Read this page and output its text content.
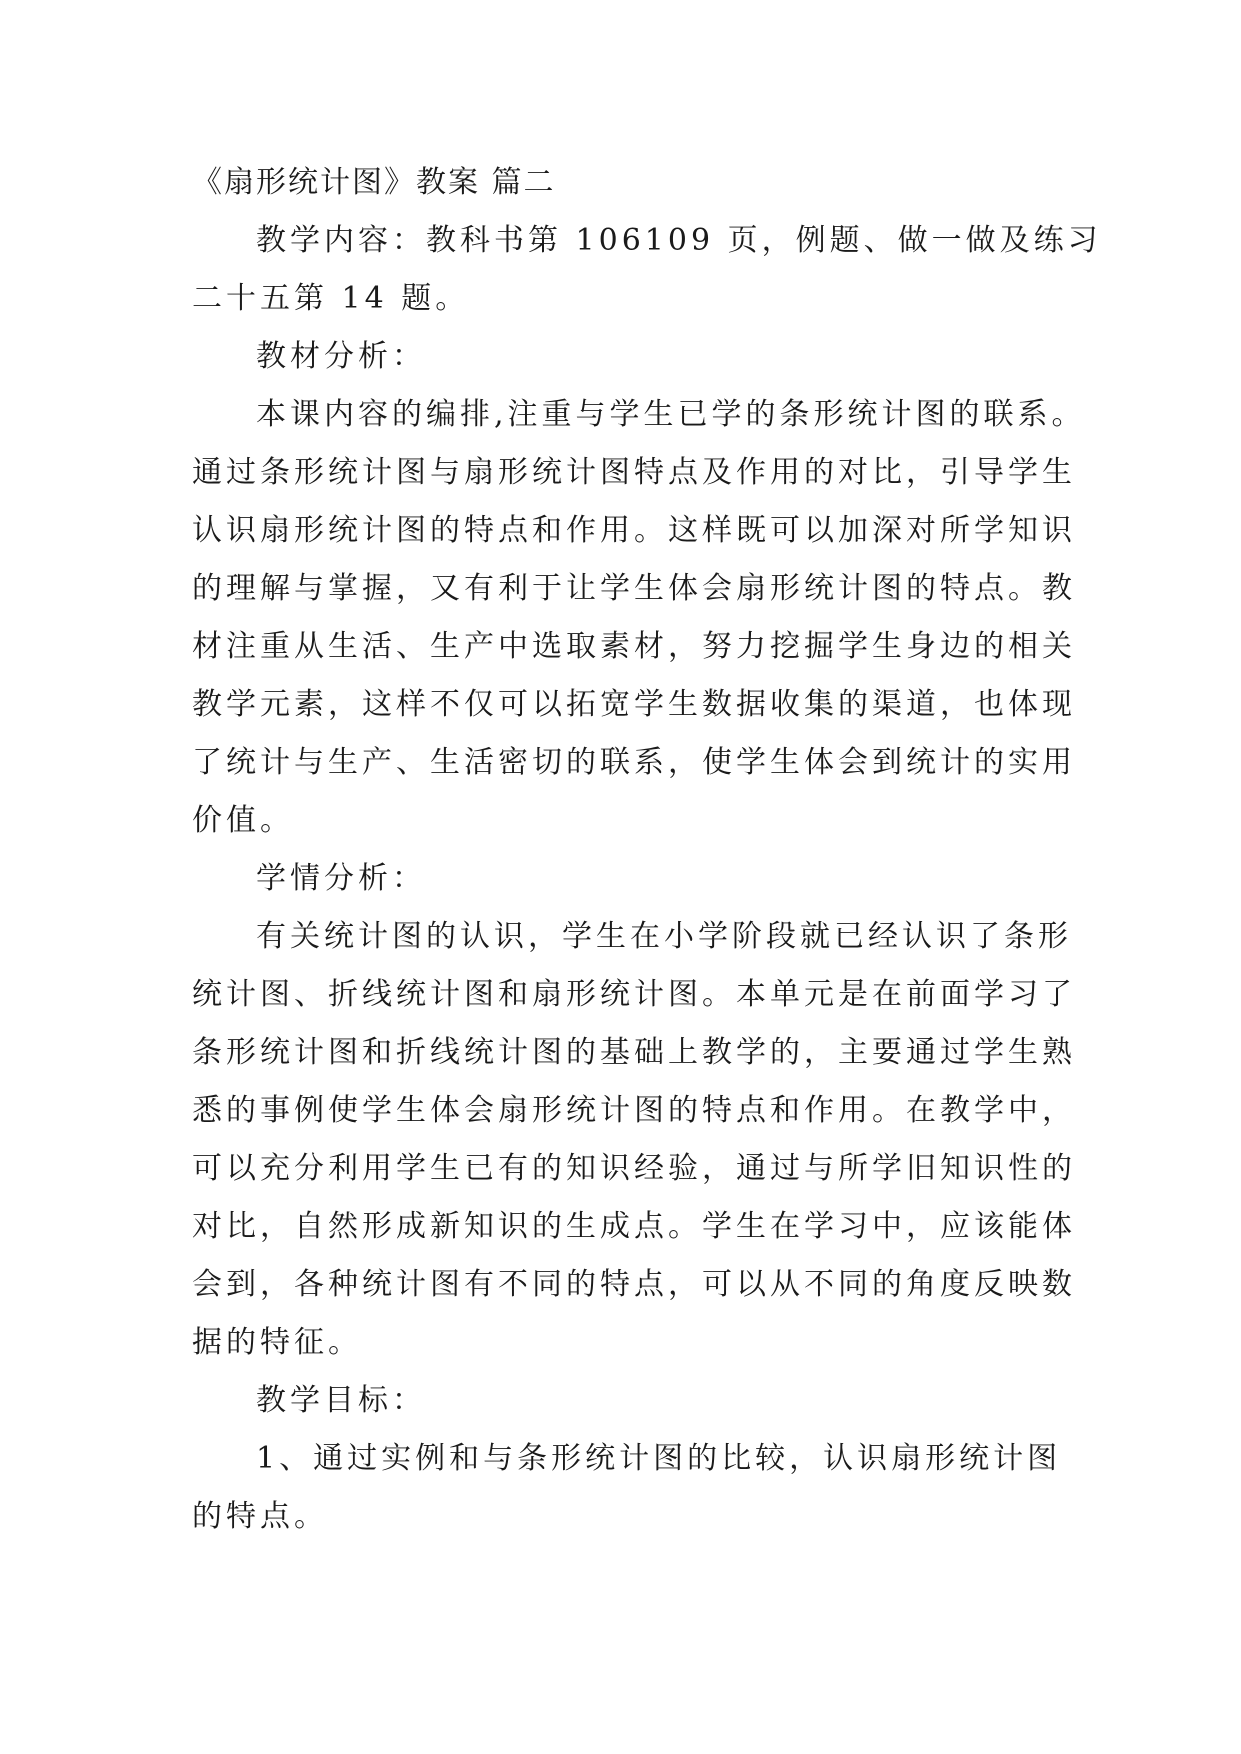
《扇形统计图》教案 篇二
教学内容：教科书第 106109 页，例题、做一做及练习
二十五第 14 题。
教材分析：
本课内容的编排,注重与学生已学的条形统计图的联系。
通过条形统计图与扇形统计图特点及作用的对比，引导学生
认识扇形统计图的特点和作用。这样既可以加深对所学知识
的理解与掌握，又有利于让学生体会扇形统计图的特点。教
材注重从生活、生产中选取素材，努力挖掘学生身边的相关
教学元素，这样不仅可以拓宽学生数据收集的渠道，也体现
了统计与生产、生活密切的联系，使学生体会到统计的实用
价值。
学情分析：
有关统计图的认识，学生在小学阶段就已经认识了条形
统计图、折线统计图和扇形统计图。本单元是在前面学习了
条形统计图和折线统计图的基础上教学的，主要通过学生熟
悉的事例使学生体会扇形统计图的特点和作用。在教学中，
可以充分利用学生已有的知识经验，通过与所学旧知识性的
对比，自然形成新知识的生成点。学生在学习中，应该能体
会到，各种统计图有不同的特点，可以从不同的角度反映数
据的特征。
教学目标：
1、通过实例和与条形统计图的比较，认识扇形统计图
的特点。
